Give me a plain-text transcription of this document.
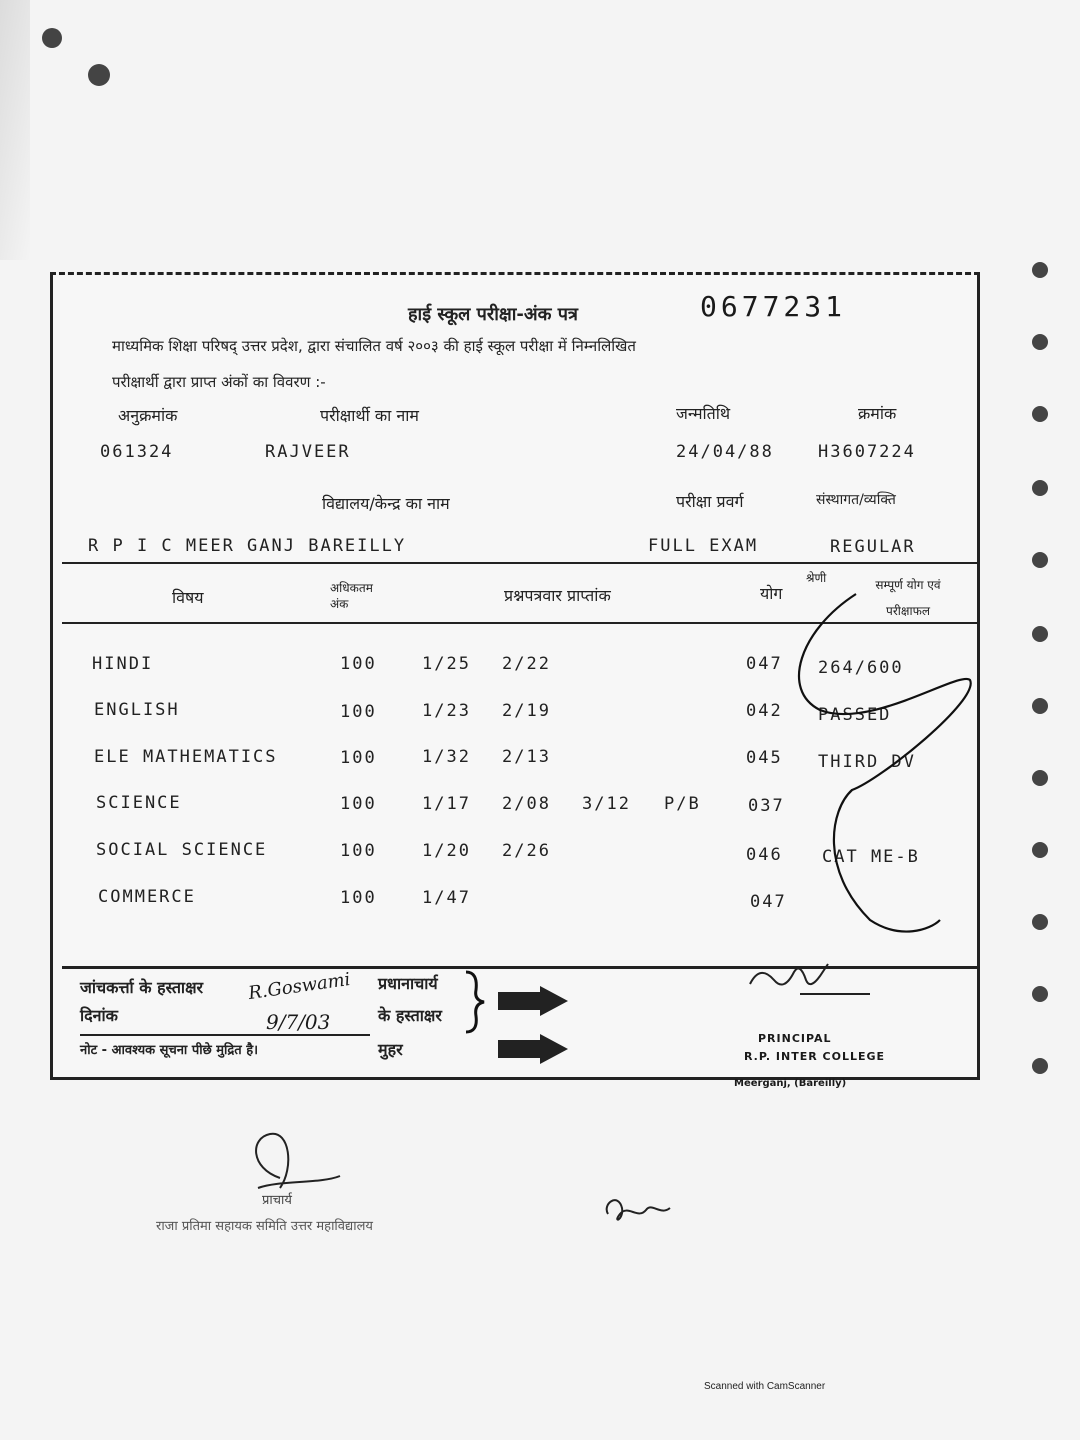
हाई स्कूल परीक्षा-अंक पत्र	0677231
माध्यमिक शिक्षा परिषद् उत्तर प्रदेश, द्वारा संचालित वर्ष २००३ की हाई स्कूल परीक्षा में निम्नलिखित
परीक्षार्थी द्वारा प्राप्त अंकों का विवरण :-
अनुक्रमांक	परीक्षार्थी का नाम	जन्मतिथि	क्रमांक
061324	RAJVEER	24/04/88	H3607224
विद्यालय/केन्द्र का नाम	परीक्षा प्रवर्ग	संस्थागत/व्यक्ति
R P I C MEER GANJ BAREILLY	FULL EXAM	REGULAR
विषय	अधिकतम अंक	प्रश्नपत्रवार प्राप्तांक	योग
श्रेणी	सम्पूर्ण योग एवं परीक्षाफल
HINDI	100	1/25 2/22	047 264/600
ENGLISH	100	1/23 2/19	042 PASSED
ELE MATHEMATICS	100	1/32 2/13	045 THIRD DV
SCIENCE	100	1/17 2/08 3/12 P/B	037
SOCIAL SCIENCE	100	1/20 2/26	046 CAT ME-B
COMMERCE	100	1/47	047
जांचकर्त्ता के हस्ताक्षर
दिनांक
नोट - आवश्यक सूचना पीछे मुद्रित है।
R.Goswami
9/7/03
प्रधानाचार्य
के हस्ताक्षर
मुहर
PRINCIPAL
R.P. INTER COLLEGE
Meerganj, (Bareilly)
प्राचार्य
राजा प्रतिमा सहायक समिति उत्तर महाविद्यालय
Scanned with CamScanner
